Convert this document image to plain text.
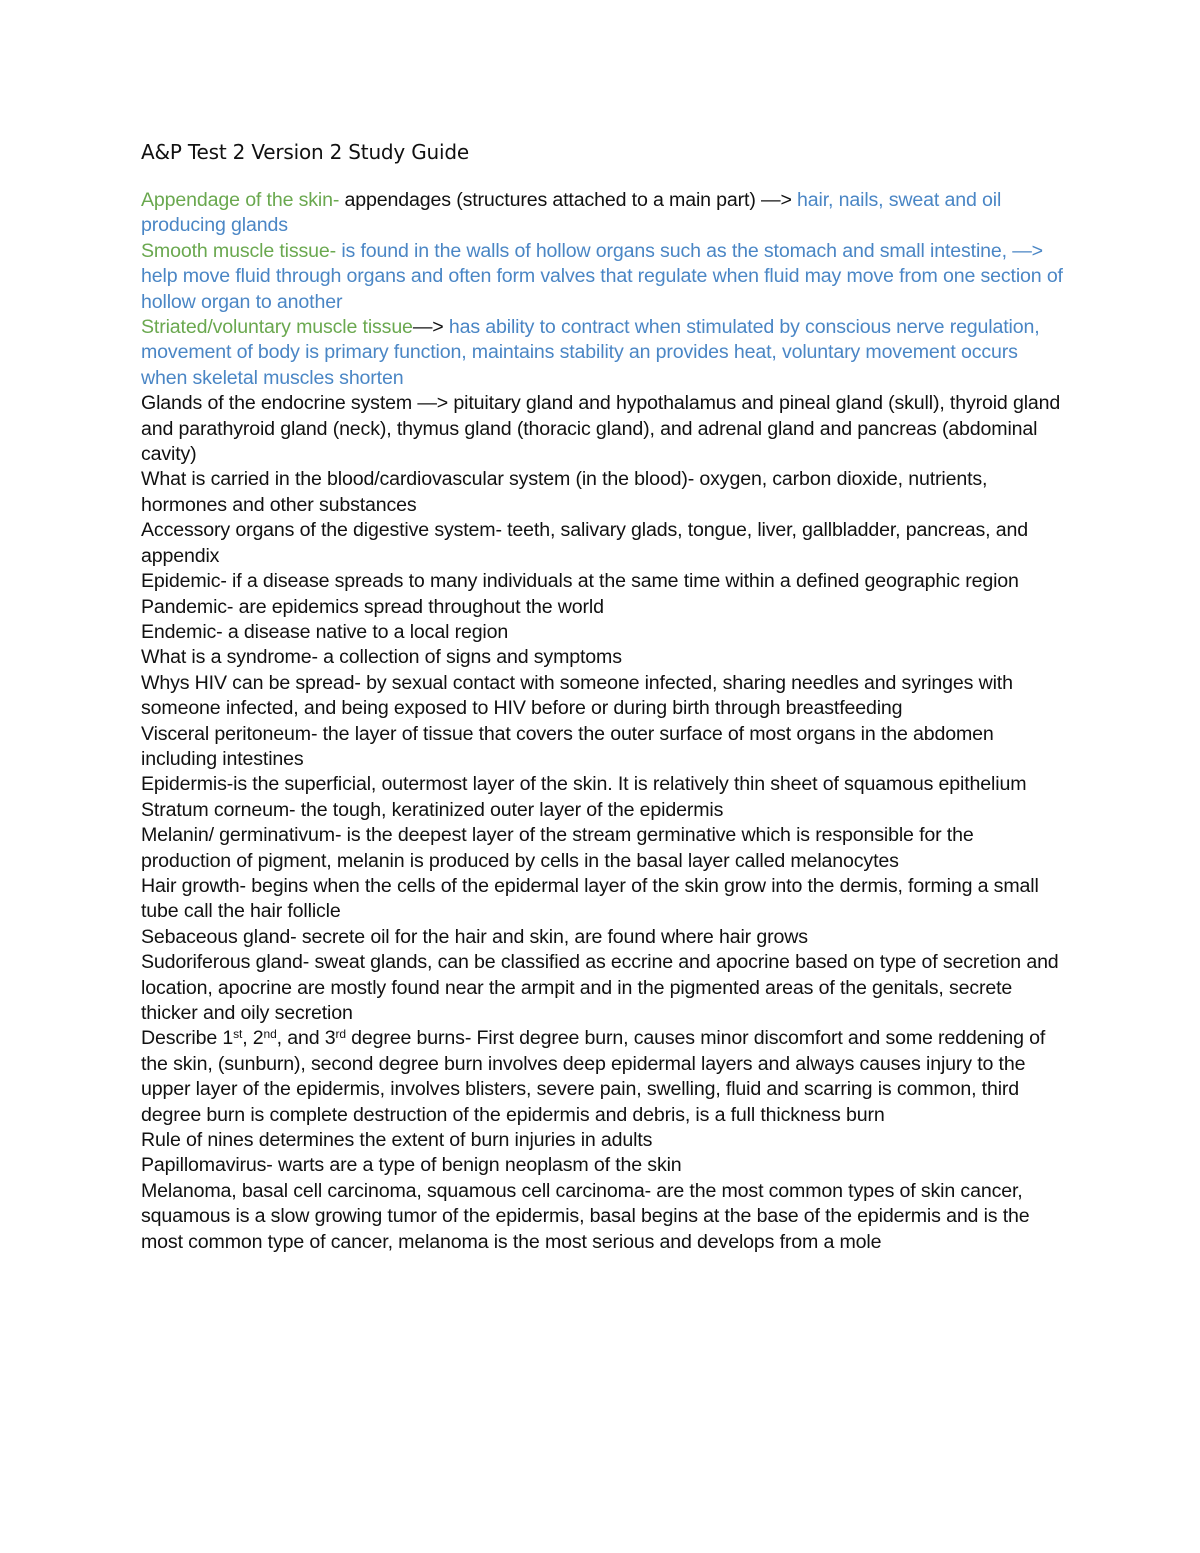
A&P Test 2 Version 2 Study Guide

Appendage of the skin- appendages (structures attached to a main part) —> hair, nails, sweat and oil producing glands

Smooth muscle tissue- is found in the walls of hollow organs such as the stomach and small intestine, —> help move fluid through organs and often form valves that regulate when fluid may move from one section of hollow organ to another

Striated/voluntary muscle tissue—> has ability to contract when stimulated by conscious nerve regulation, movement of body is primary function, maintains stability an provides heat, voluntary movement occurs when skeletal muscles shorten

Glands of the endocrine system —> pituitary gland and hypothalamus and pineal gland (skull), thyroid gland and parathyroid gland (neck), thymus gland (thoracic gland), and adrenal gland and pancreas (abdominal cavity)

What is carried in the blood/cardiovascular system (in the blood)- oxygen, carbon dioxide, nutrients, hormones and other substances

Accessory organs of the digestive system- teeth, salivary glads, tongue, liver, gallbladder, pancreas, and appendix

Epidemic- if a disease spreads to many individuals at the same time within a defined geographic region

Pandemic- are epidemics spread throughout the world

Endemic- a disease native to a local region

What is a syndrome- a collection of signs and symptoms

Whys HIV can be spread- by sexual contact with someone infected, sharing needles and syringes with someone infected, and being exposed to HIV before or during birth through breastfeeding

Visceral peritoneum- the layer of tissue that covers the outer surface of most organs in the abdomen including intestines

Epidermis-is the superficial, outermost layer of the skin. It is relatively thin sheet of squamous epithelium

Stratum corneum- the tough, keratinized outer layer of the epidermis

Melanin/ germinativum- is the deepest layer of the stream germinative which is responsible for the production of pigment, melanin is produced by cells in the basal layer called melanocytes

Hair growth- begins when the cells of the epidermal layer of the skin grow into the dermis, forming a small tube call the hair follicle

Sebaceous gland- secrete oil for the hair and skin, are found where hair grows

Sudoriferous gland- sweat glands, can be classified as eccrine and apocrine based on type of secretion and location, apocrine are mostly found near the armpit and in the pigmented areas of the genitals, secrete thicker and oily secretion

Describe 1st, 2nd, and 3rd degree burns- First degree burn, causes minor discomfort and some reddening of the skin, (sunburn), second degree burn involves deep epidermal layers and always causes injury to the upper layer of the epidermis, involves blisters, severe pain, swelling, fluid and scarring is common, third degree burn is complete destruction of the epidermis and debris, is a full thickness burn

Rule of nines determines the extent of burn injuries in adults

Papillomavirus- warts are a type of benign neoplasm of the skin

Melanoma, basal cell carcinoma, squamous cell carcinoma- are the most common types of skin cancer, squamous is a slow growing tumor of the epidermis, basal begins at the base of the epidermis and is the most common type of cancer, melanoma is the most serious and develops from a mole
